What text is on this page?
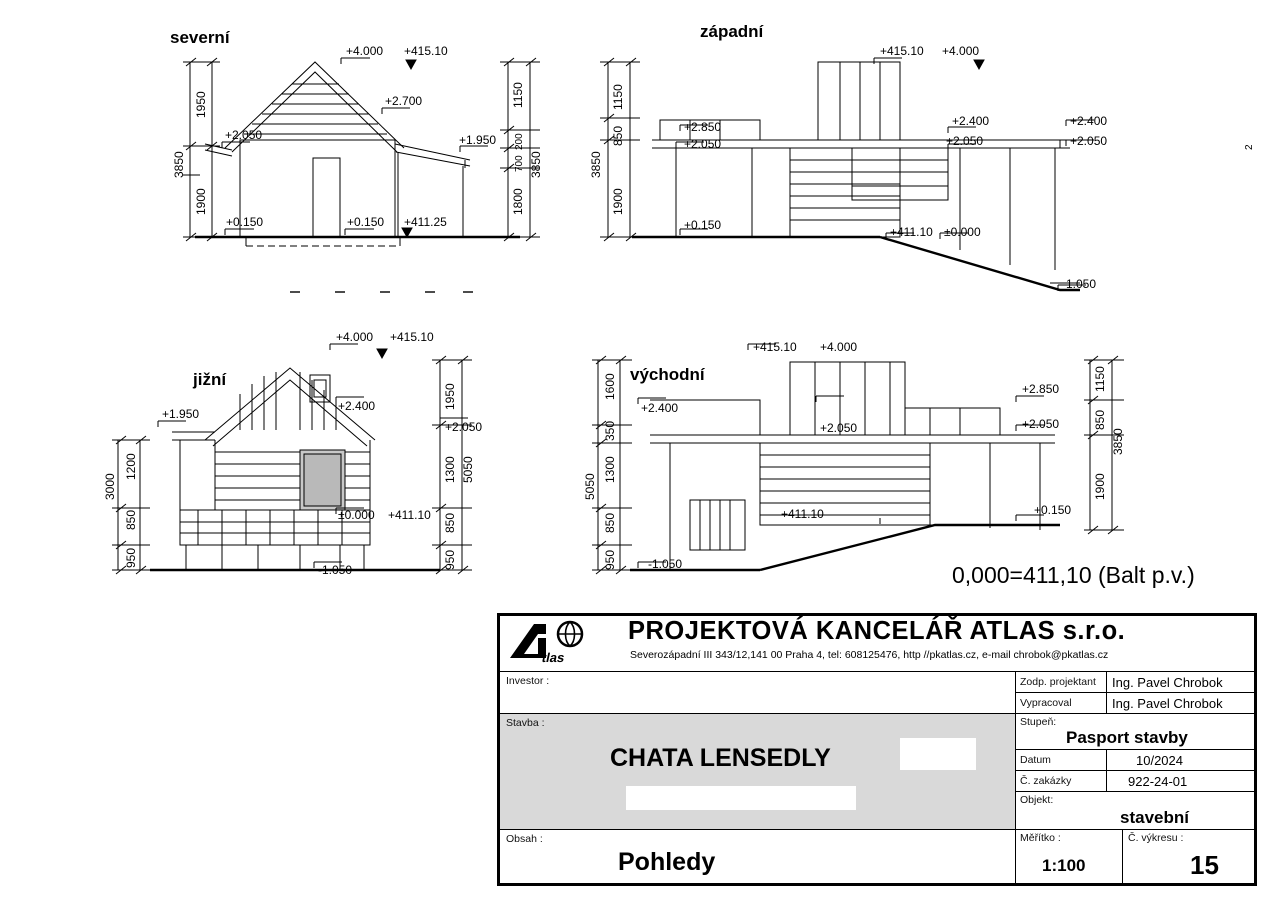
+4.000 +415.10
+2.700
+2.050	+1.950
+0.150	+0.150 +411.25
1950
1900
3850
1150
200
700
1800
3850
+415.10 +4.000
+2.850
+2.050
+2.400
+2.050
+2.400
+2.050	2
+0.150	+411.10 ±0.000
-1.050
1150
850
3850
1900
+4.000 +415.10
+1.950
+2.400
+2.050
±0.000 +411.10
-1.050
1200
850
950
3000
1950
1300
850
950
5050
+415.10 +4.000
+2.400
+2.050
+2.850
+2.050
+411.10	+0.150
-1.050
1600
350
1300
850
950
5050
1150
850
3850
1900
severní	západní
jižní	východní
0,000=411,10 (Balt p.v.)
tlas
PROJEKTOVÁ KANCELÁŘ ATLAS s.r.o.
Severozápadní III 343/12,141 00 Praha 4, tel: 608125476, http //pkatlas.cz, e-mail chrobok@pkatlas.cz
Investor :
Stavba :
CHATA LENSEDLY
Obsah :
Pohledy
Zodp. projektant Ing. Pavel Chrobok
Vypracoval	Ing. Pavel Chrobok
Stupeň:
Pasport stavby
Datum	10/2024
Č. zakázky	922-24-01
Objekt:
stavební
Měřítko :
1:100
Č. výkresu :
15
